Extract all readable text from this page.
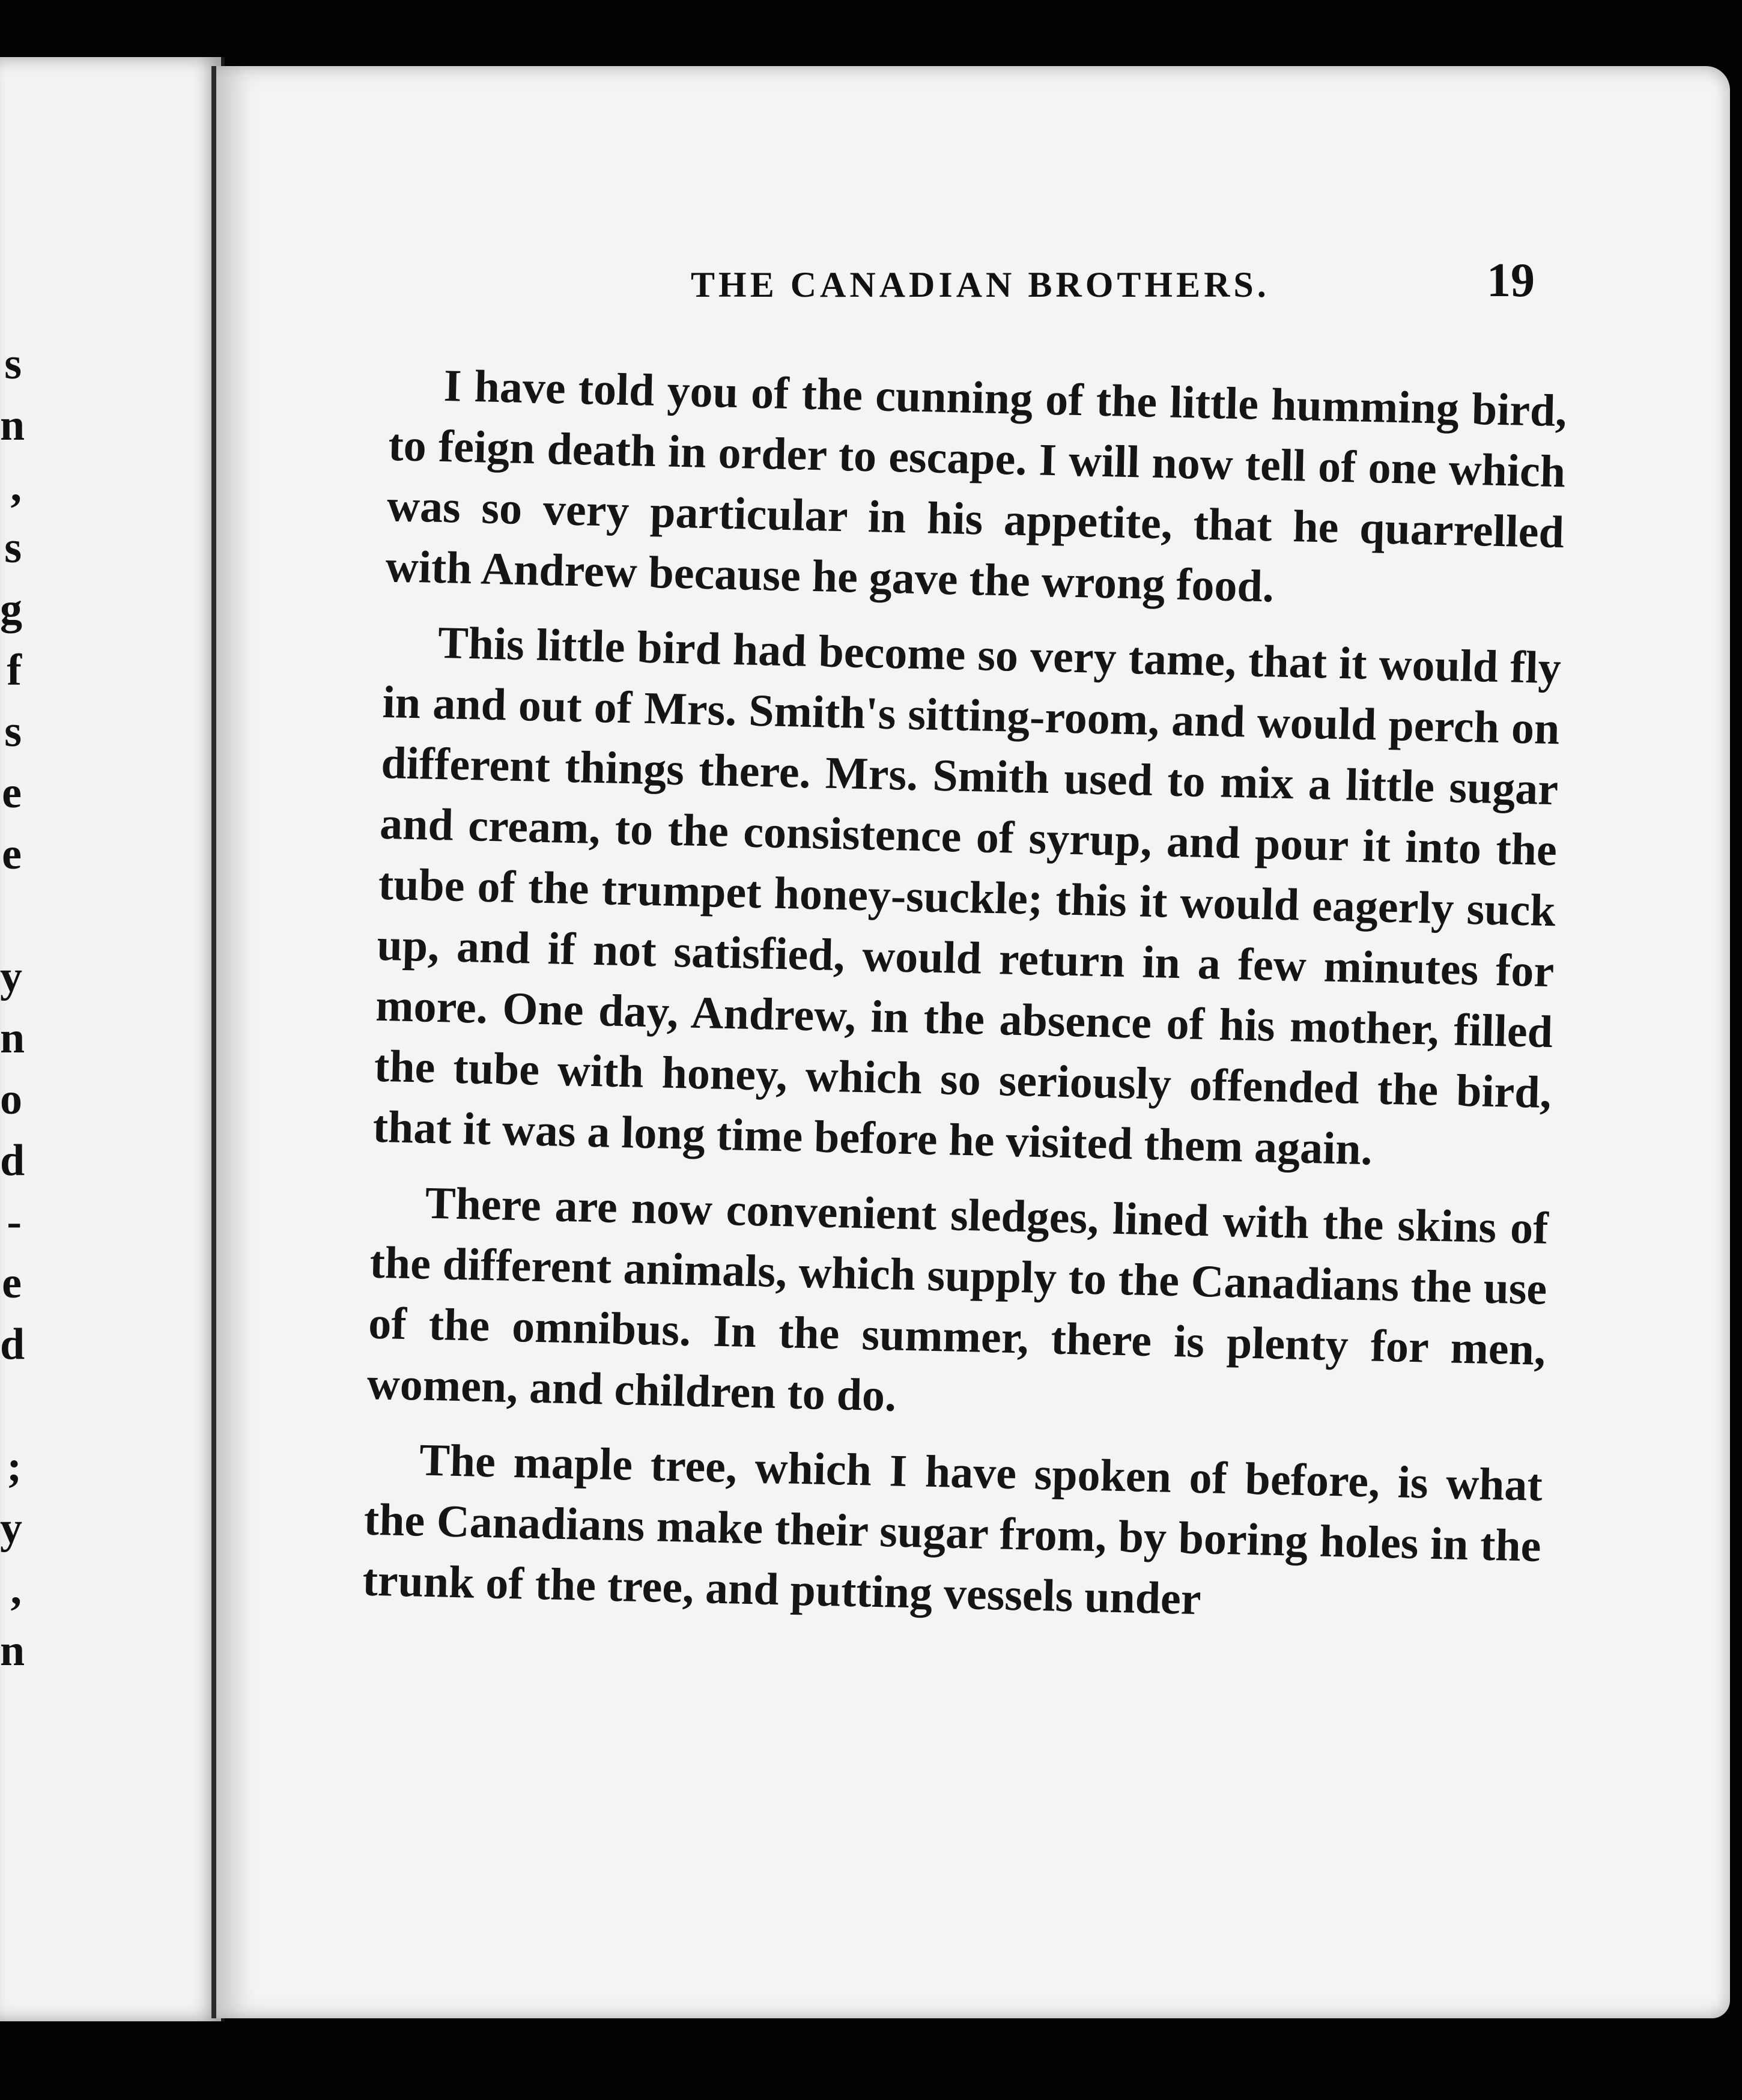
s
n
,
s
g
f
s
e
e

y
n
o
d
-
e
d

;
y
,
n
THE CANADIAN BROTHERS.	19

I have told you of the cunning of the little humming bird, to feign death in order to escape. I will now tell of one which was so very particular in his appetite, that he quarrelled with Andrew because he gave the wrong food.

This little bird had become so very tame, that it would fly in and out of Mrs. Smith's sitting-room, and would perch on different things there. Mrs. Smith used to mix a little sugar and cream, to the consistence of syrup, and pour it into the tube of the trumpet honey-suckle; this it would eagerly suck up, and if not satisfied, would return in a few minutes for more. One day, Andrew, in the absence of his mother, filled the tube with honey, which so seriously offended the bird, that it was a long time before he visited them again.

There are now convenient sledges, lined with the skins of the different animals, which supply to the Canadians the use of the omnibus. In the summer, there is plenty for men, women, and children to do.

The maple tree, which I have spoken of before, is what the Canadians make their sugar from, by boring holes in the trunk of the tree, and putting vessels under
